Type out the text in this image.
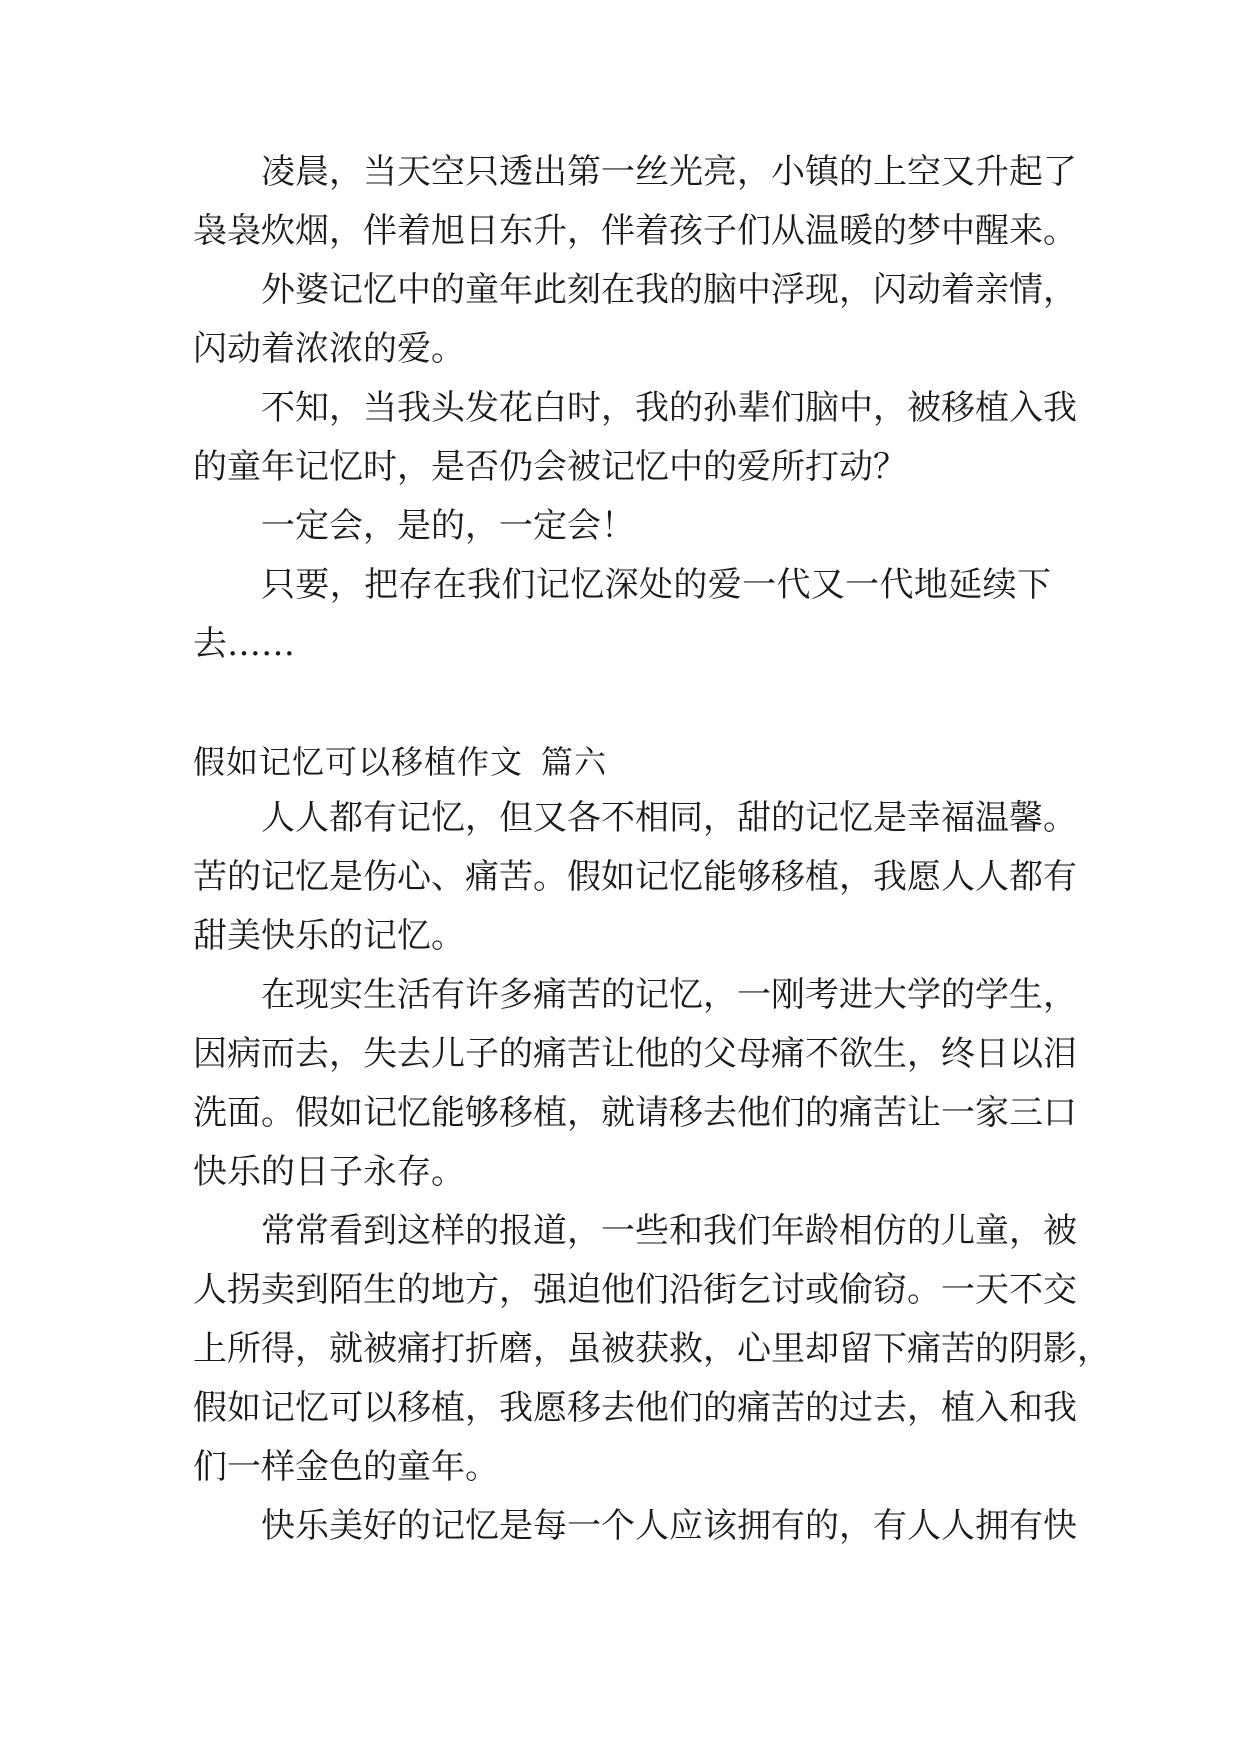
凌晨，当天空只透出第一丝光亮，小镇的上空又升起了
袅袅炊烟，伴着旭日东升，伴着孩子们从温暖的梦中醒来。
外婆记忆中的童年此刻在我的脑中浮现，闪动着亲情，
闪动着浓浓的爱。
不知，当我头发花白时，我的孙辈们脑中，被移植入我
的童年记忆时，是否仍会被记忆中的爱所打动？
一定会，是的，一定会！
只要，把存在我们记忆深处的爱一代又一代地延续下
去……
假如记忆可以移植作文 篇六
人人都有记忆，但又各不相同，甜的记忆是幸福温馨。
苦的记忆是伤心、痛苦。假如记忆能够移植，我愿人人都有
甜美快乐的记忆。
在现实生活有许多痛苦的记忆，一刚考进大学的学生，
因病而去，失去儿子的痛苦让他的父母痛不欲生，终日以泪
洗面。假如记忆能够移植，就请移去他们的痛苦让一家三口
快乐的日子永存。
常常看到这样的报道，一些和我们年龄相仿的儿童，被
人拐卖到陌生的地方，强迫他们沿街乞讨或偷窃。一天不交
上所得，就被痛打折磨，虽被获救，心里却留下痛苦的阴影，
假如记忆可以移植，我愿移去他们的痛苦的过去，植入和我
们一样金色的童年。
快乐美好的记忆是每一个人应该拥有的，有人人拥有快
